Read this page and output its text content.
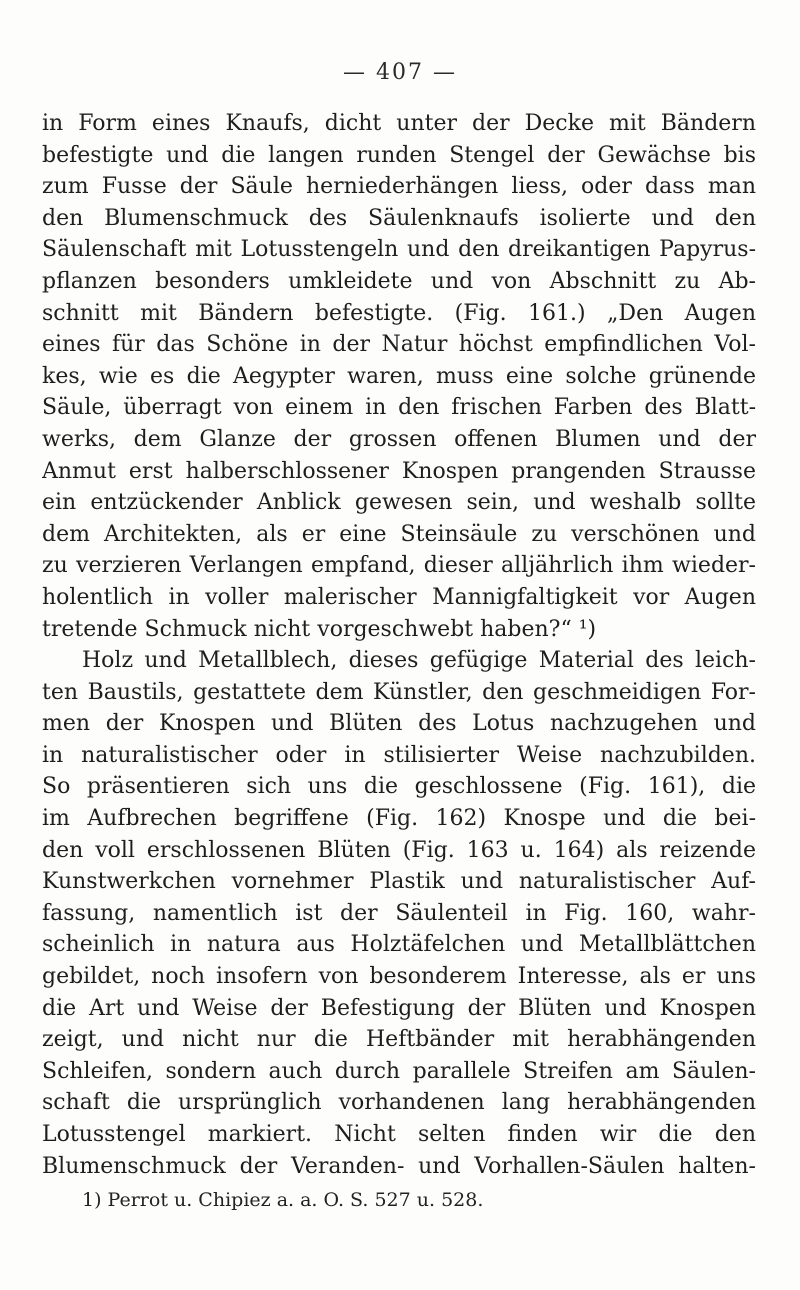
— 407 —
in Form eines Knaufs, dicht unter der Decke mit Bändern
befestigte und die langen runden Stengel der Gewächse bis
zum Fusse der Säule herniederhängen liess, oder dass man
den Blumenschmuck des Säulenknaufs isolierte und den
Säulenschaft mit Lotusstengeln und den dreikantigen Papyrus-
pflanzen besonders umkleidete und von Abschnitt zu Ab-
schnitt mit Bändern befestigte. (Fig. 161.) „Den Augen
eines für das Schöne in der Natur höchst empfindlichen Vol-
kes, wie es die Aegypter waren, muss eine solche grünende
Säule, überragt von einem in den frischen Farben des Blatt-
werks, dem Glanze der grossen offenen Blumen und der
Anmut erst halberschlossener Knospen prangenden Strausse
ein entzückender Anblick gewesen sein, und weshalb sollte
dem Architekten, als er eine Steinsäule zu verschönen und
zu verzieren Verlangen empfand, dieser alljährlich ihm wieder-
holentlich in voller malerischer Mannigfaltigkeit vor Augen
tretende Schmuck nicht vorgeschwebt haben?“ ¹)
Holz und Metallblech, dieses gefügige Material des leich-
ten Baustils, gestattete dem Künstler, den geschmeidigen For-
men der Knospen und Blüten des Lotus nachzugehen und
in naturalistischer oder in stilisierter Weise nachzubilden.
So präsentieren sich uns die geschlossene (Fig. 161), die
im Aufbrechen begriffene (Fig. 162) Knospe und die bei-
den voll erschlossenen Blüten (Fig. 163 u. 164) als reizende
Kunstwerkchen vornehmer Plastik und naturalistischer Auf-
fassung, namentlich ist der Säulenteil in Fig. 160, wahr-
scheinlich in natura aus Holztäfelchen und Metallblättchen
gebildet, noch insofern von besonderem Interesse, als er uns
die Art und Weise der Befestigung der Blüten und Knospen
zeigt, und nicht nur die Heftbänder mit herabhängenden
Schleifen, sondern auch durch parallele Streifen am Säulen-
schaft die ursprünglich vorhandenen lang herabhängenden
Lotusstengel markiert. Nicht selten finden wir die den
Blumenschmuck der Veranden- und Vorhallen-Säulen halten-
1) Perrot u. Chipiez a. a. O. S. 527 u. 528.
